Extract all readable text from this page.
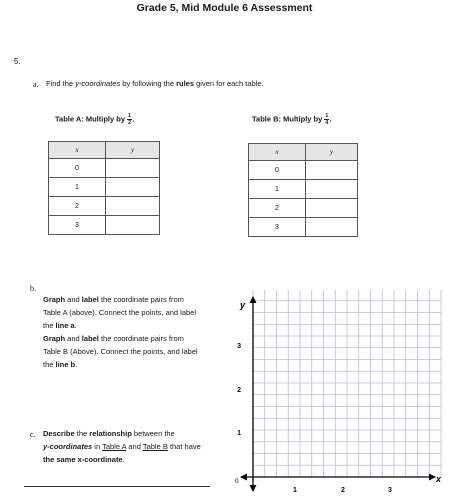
Grade 5, Mid Module 6 Assessment
5.
a. Find the y-coordinates by following the rules given for each table.
Table A: Multiply by $\frac{1}{2}$ .	Table B: Multiply by $\frac{1}{4}$ .
x	y
0	
1	
2	
3	
x	y
0	
1	
2	
3	
b.
Graph and label the coordinate pairs from
Table A (above). Connect the points, and label
the line a.
Graph and label the coordinate pairs from
Table B (Above). Connect the points, and label
the line b.
c. Describe the relationship between the
y-coordinates in Table A and Table B that have
the same x-coordinate.
y
x
0
1	2	3
1
2
3
